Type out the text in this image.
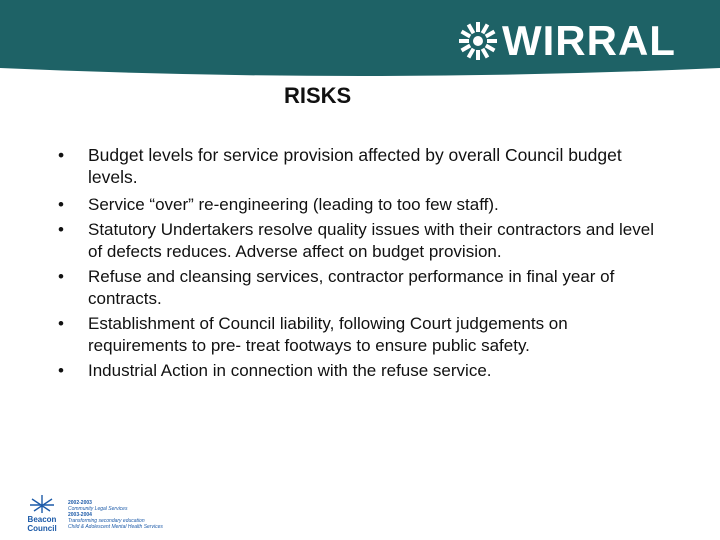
WIRRAL
RISKS
•	Budget levels for service provision affected by overall Council budget levels.
•	Service “over” re-engineering (leading to too few staff).
•	Statutory Undertakers resolve quality issues with their contractors and level of defects reduces. Adverse affect on budget provision.
•	Refuse and cleansing services, contractor performance in final year of contracts.
•	Establishment of Council liability, following Court judgements on requirements to pre- treat footways to ensure public safety.
•	Industrial Action in connection with the refuse service.
Beacon
Council
2002-2003
Community Legal Services
2003-2004
Transforming secondary education
Child & Adolescent Mental Health Services
